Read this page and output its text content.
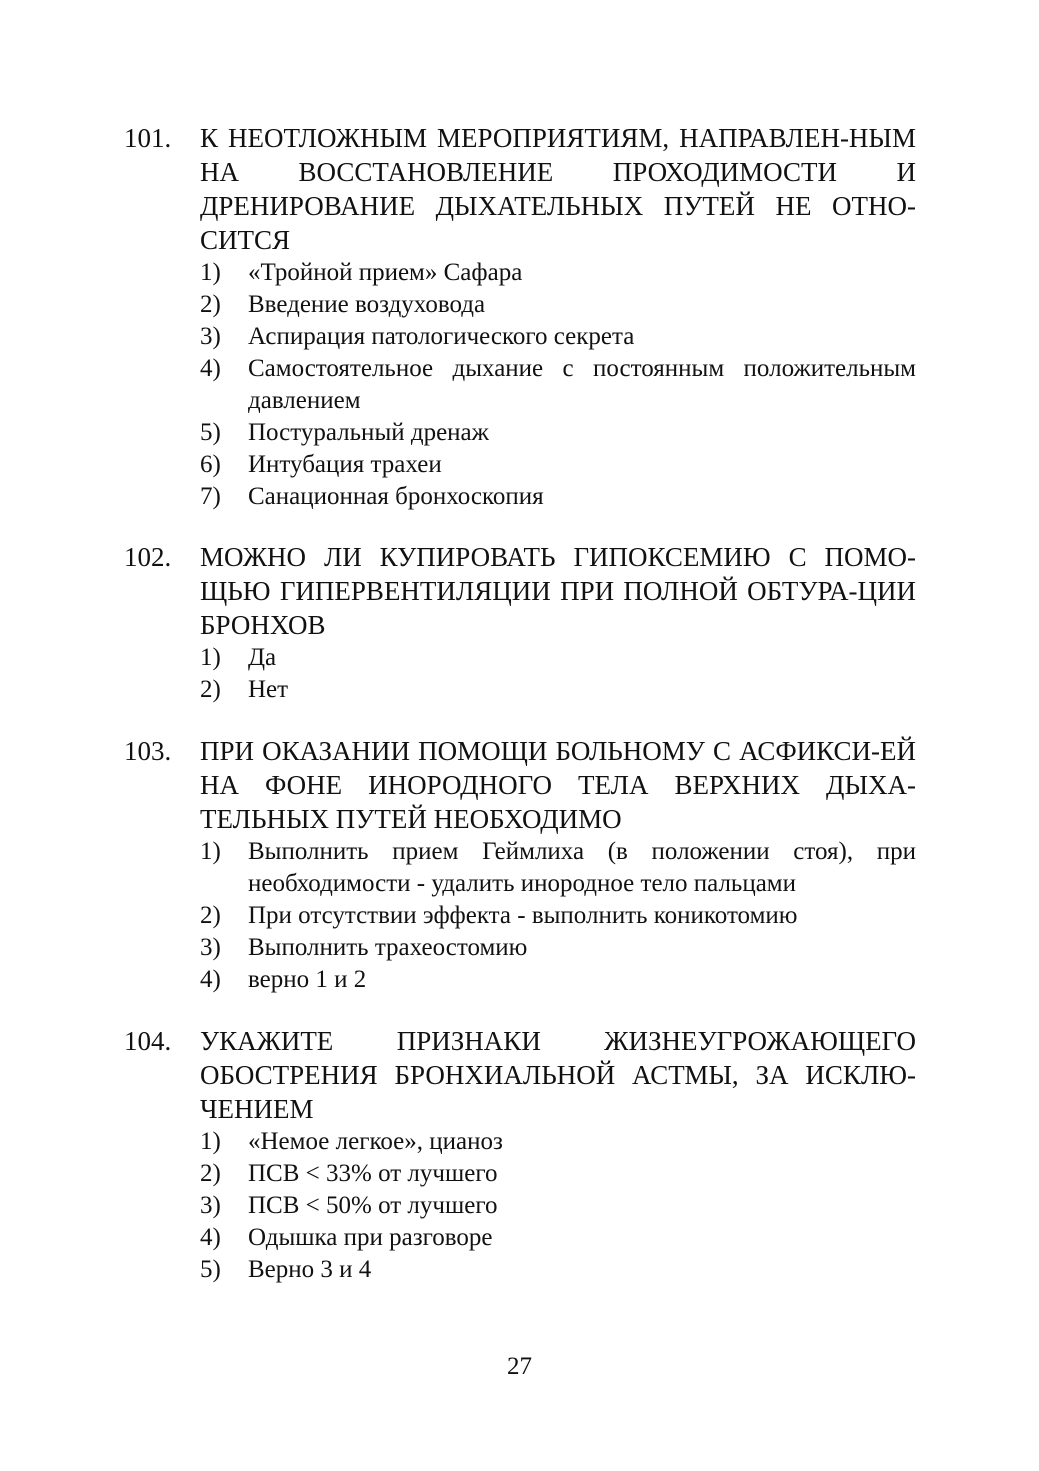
101.	К НЕОТЛОЖНЫМ МЕРОПРИЯТИЯМ, НАПРАВЛЕН-НЫМ НА ВОССТАНОВЛЕНИЕ ПРОХОДИМОСТИ И ДРЕНИРОВАНИЕ ДЫХАТЕЛЬНЫХ ПУТЕЙ НЕ ОТНО-СИТСЯ
1)	«Тройной прием» Сафара
2)	Введение воздуховода
3)	Аспирация патологического секрета
4)	Самостоятельное дыхание с постоянным положительным давлением
5)	Постуральный дренаж
6)	Интубация трахеи
7)	Санационная бронхоскопия
102.	МОЖНО ЛИ КУПИРОВАТЬ ГИПОКСЕМИЮ С ПОМО-ЩЬЮ ГИПЕРВЕНТИЛЯЦИИ ПРИ ПОЛНОЙ ОБТУРА-ЦИИ БРОНХОВ
1)	Да
2)	Нет
103.	ПРИ ОКАЗАНИИ ПОМОЩИ БОЛЬНОМУ С АСФИКСИ-ЕЙ НА ФОНЕ ИНОРОДНОГО ТЕЛА ВЕРХНИХ ДЫХА-ТЕЛЬНЫХ ПУТЕЙ НЕОБХОДИМО
1)	Выполнить прием Геймлиха (в положении стоя), при необходимости - удалить инородное тело пальцами
2)	При отсутствии эффекта - выполнить коникотомию
3)	Выполнить трахеостомию
4)	верно 1 и 2
104.	УКАЖИТЕ ПРИЗНАКИ ЖИЗНЕУГРОЖАЮЩЕГО ОБОСТРЕНИЯ БРОНХИАЛЬНОЙ АСТМЫ, ЗА ИСКЛЮ-ЧЕНИЕМ
1)	«Немое легкое», цианоз
2)	ПСВ < 33% от лучшего
3)	ПСВ < 50% от лучшего
4)	Одышка при разговоре
5)	Верно 3 и 4
27
